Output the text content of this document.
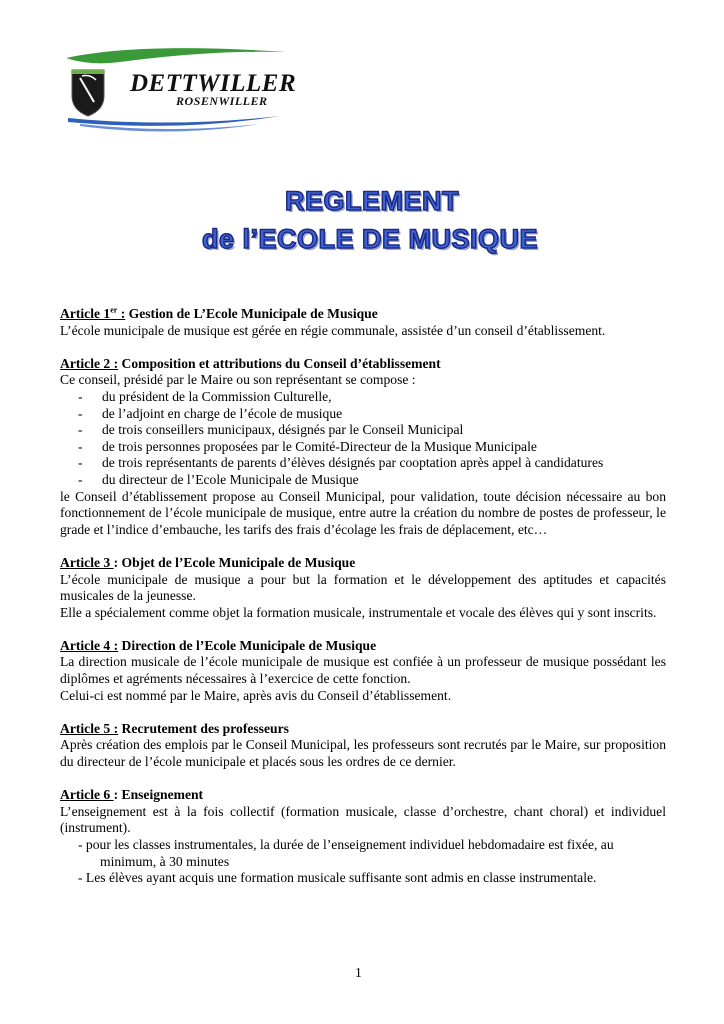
DETTWILLER
ROSENWILLER
REGLEMENT
de l’ECOLE DE MUSIQUE
Article 1er : Gestion de L’Ecole Municipale de Musique

L’école municipale de musique est gérée en régie communale, assistée d’un conseil d’établissement.

Article 2 : Composition et attributions du Conseil d’établissement

Ce conseil, présidé par le Maire ou son représentant se compose :

- du président de la Commission Culturelle,
- de l’adjoint en charge de l’école de musique
- de trois conseillers municipaux, désignés par le Conseil Municipal
- de trois personnes proposées par le Comité-Directeur de la Musique Municipale
- de trois représentants de parents d’élèves désignés par cooptation après appel à candidatures
- du directeur de l’Ecole Municipale de Musique

le Conseil d’établissement propose au Conseil Municipal, pour validation, toute décision nécessaire au bon fonctionnement de l’école municipale de musique, entre autre la création du nombre de postes de professeur, le grade et l’indice d’embauche, les tarifs des frais d’écolage les frais de déplacement, etc…

Article 3 : Objet de l’Ecole Municipale de Musique

L’école municipale de musique a pour but la formation et le développement des aptitudes et capacités musicales de la jeunesse.

Elle a spécialement comme objet la formation musicale, instrumentale et vocale des élèves qui y sont inscrits.

Article 4 : Direction de l’Ecole Municipale de Musique

La direction musicale de l’école municipale de musique est confiée à un professeur de musique possédant les diplômes et agréments nécessaires à l’exercice de cette fonction.

Celui-ci est nommé par le Maire, après avis du Conseil d’établissement.

Article 5 : Recrutement des professeurs

Après création des emplois par le Conseil Municipal, les professeurs sont recrutés par le Maire, sur proposition du directeur de l’école municipale et placés sous les ordres de ce dernier.

Article 6 : Enseignement

L’enseignement est à la fois collectif (formation musicale, classe d’orchestre, chant choral) et individuel (instrument).

- pour les classes instrumentales, la durée de l’enseignement individuel hebdomadaire est fixée, au
minimum, à 30 minutes
- Les élèves ayant acquis une formation musicale suffisante sont admis en classe instrumentale.
1
